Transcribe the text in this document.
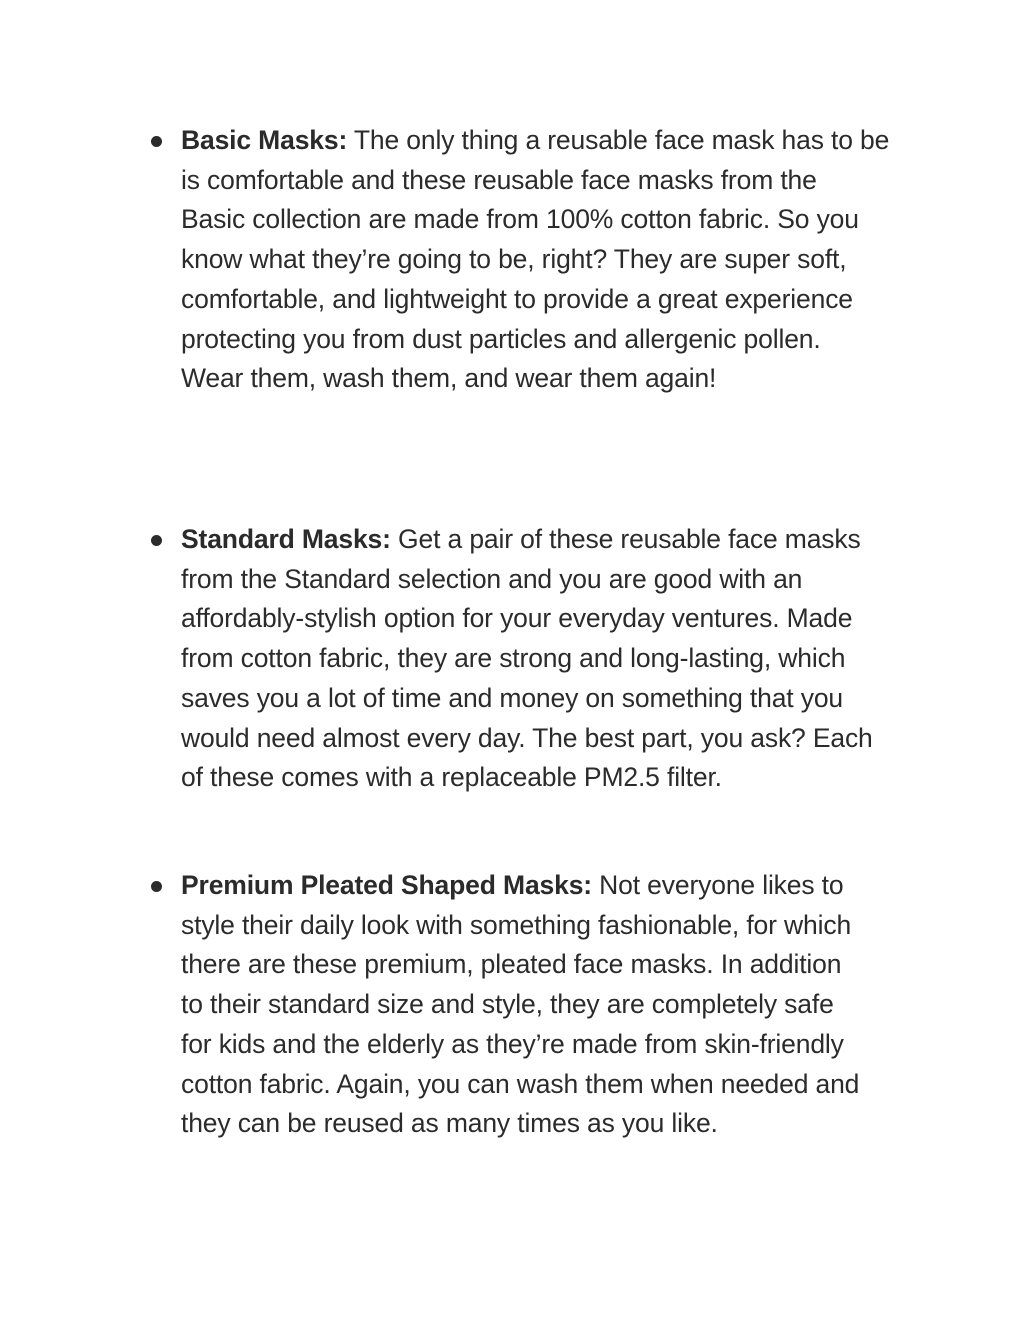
Basic Masks: The only thing a reusable face mask has to be
is comfortable and these reusable face masks from the
Basic collection are made from 100% cotton fabric. So you
know what they’re going to be, right? They are super soft,
comfortable, and lightweight to provide a great experience
protecting you from dust particles and allergenic pollen.
Wear them, wash them, and wear them again!
Standard Masks: Get a pair of these reusable face masks
from the Standard selection and you are good with an
affordably-stylish option for your everyday ventures. Made
from cotton fabric, they are strong and long-lasting, which
saves you a lot of time and money on something that you
would need almost every day. The best part, you ask? Each
of these comes with a replaceable PM2.5 filter.
Premium Pleated Shaped Masks: Not everyone likes to
style their daily look with something fashionable, for which
there are these premium, pleated face masks. In addition
to their standard size and style, they are completely safe
for kids and the elderly as they’re made from skin-friendly
cotton fabric. Again, you can wash them when needed and
they can be reused as many times as you like.
